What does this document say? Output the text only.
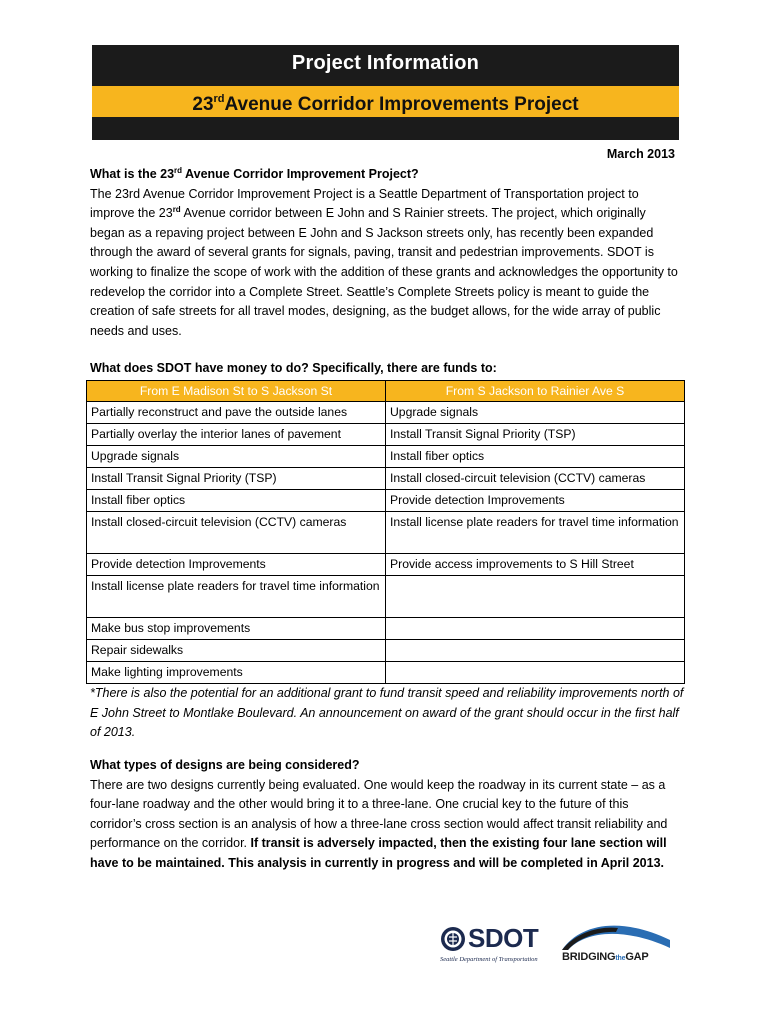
Project Information
23rdAvenue Corridor Improvements Project
March 2013
What is the 23rd Avenue Corridor Improvement Project?

The 23rd Avenue Corridor Improvement Project is a Seattle Department of Transportation project to improve the 23rd Avenue corridor between E John and S Rainier streets. The project, which originally began as a repaving project between E John and S Jackson streets only, has recently been expanded through the award of several grants for signals, paving, transit and pedestrian improvements. SDOT is working to finalize the scope of work with the addition of these grants and acknowledges the opportunity to redevelop the corridor into a Complete Street. Seattle’s Complete Streets policy is meant to guide the creation of safe streets for all travel modes, designing, as the budget allows, for the wide array of public needs and uses.

What does SDOT have money to do? Specifically, there are funds to:
From E Madison St to S Jackson St	From S Jackson to Rainier Ave S
Partially reconstruct and pave the outside lanes	Upgrade signals
Partially overlay the interior lanes of pavement	Install Transit Signal Priority (TSP)
Upgrade signals	Install fiber optics
Install Transit Signal Priority (TSP)	Install closed-circuit television (CCTV) cameras
Install fiber optics	Provide detection Improvements
Install closed-circuit television (CCTV) cameras	Install license plate readers for travel time information
Provide detection Improvements	Provide access improvements to S Hill Street
Install license plate readers for travel time information	
Make bus stop improvements	
Repair sidewalks	
Make lighting improvements	
*There is also the potential for an additional grant to fund transit speed and reliability improvements north of E John Street to Montlake Boulevard. An announcement on award of the grant should occur in the first half of 2013.
What types of designs are being considered?

There are two designs currently being evaluated. One would keep the roadway in its current state – as a four-lane roadway and the other would bring it to a three-lane. One crucial key to the future of this corridor’s cross section is an analysis of how a three-lane cross section would affect transit reliability and performance on the corridor. If transit is adversely impacted, then the existing four lane section will have to be maintained. This analysis in currently in progress and will be completed in April 2013.

SDOT
Seattle Department of Transportation BRIDGINGtheGAP
